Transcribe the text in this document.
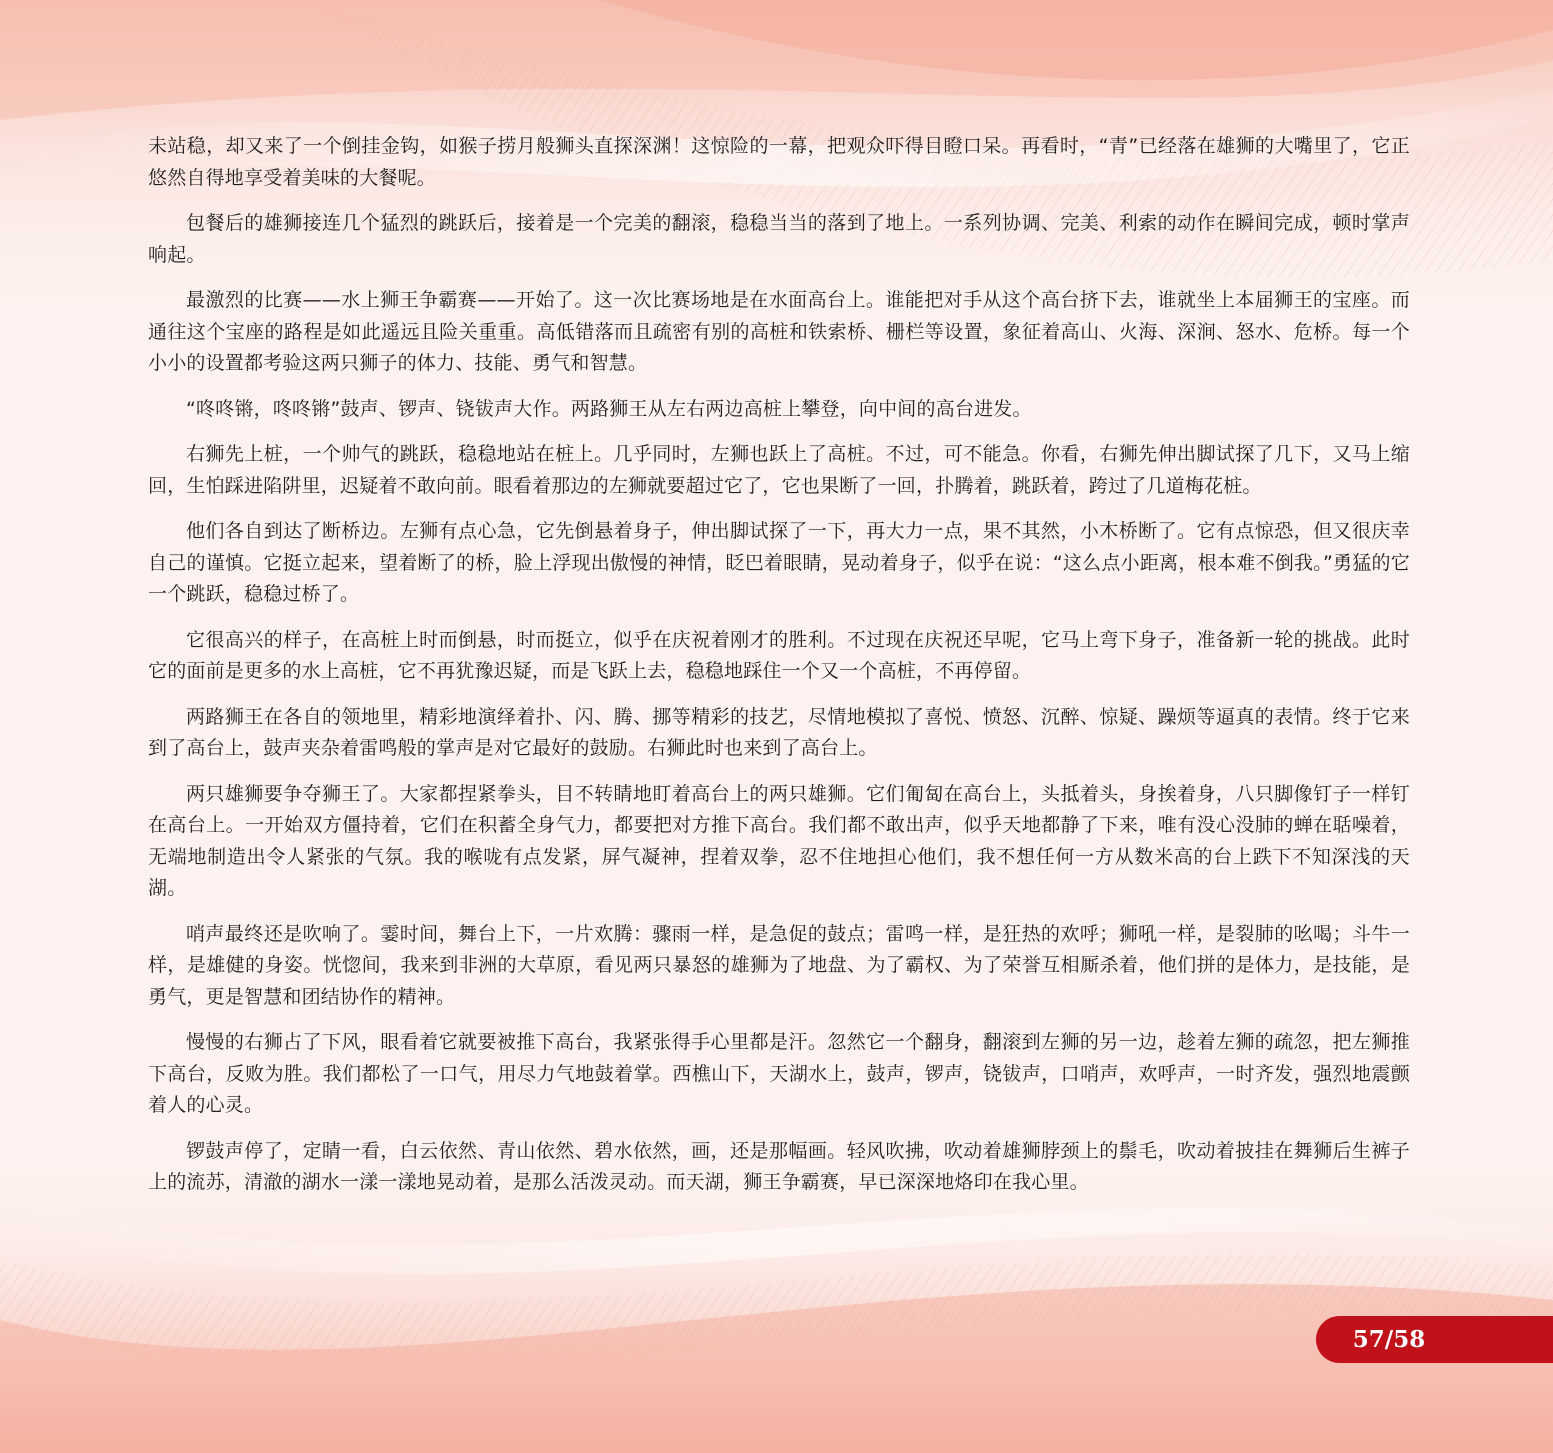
未站稳，却又来了一个倒挂金钩，如猴子捞月般狮头直探深渊！这惊险的一幕，把观众吓得目瞪口呆。再看时，“青”已经落在雄狮的大嘴里了，它正悠然自得地享受着美味的大餐呢。

包餐后的雄狮接连几个猛烈的跳跃后，接着是一个完美的翻滚，稳稳当当的落到了地上。一系列协调、完美、利索的动作在瞬间完成，顿时掌声响起。

最激烈的比赛——水上狮王争霸赛——开始了。这一次比赛场地是在水面高台上。谁能把对手从这个高台挤下去，谁就坐上本届狮王的宝座。而通往这个宝座的路程是如此遥远且险关重重。高低错落而且疏密有别的高桩和铁索桥、栅栏等设置，象征着高山、火海、深涧、怒水、危桥。每一个小小的设置都考验这两只狮子的体力、技能、勇气和智慧。

“咚咚锵，咚咚锵”鼓声、锣声、铙钹声大作。两路狮王从左右两边高桩上攀登，向中间的高台进发。

右狮先上桩，一个帅气的跳跃，稳稳地站在桩上。几乎同时，左狮也跃上了高桩。不过，可不能急。你看，右狮先伸出脚试探了几下，又马上缩回，生怕踩进陷阱里，迟疑着不敢向前。眼看着那边的左狮就要超过它了，它也果断了一回，扑腾着，跳跃着，跨过了几道梅花桩。

他们各自到达了断桥边。左狮有点心急，它先倒悬着身子，伸出脚试探了一下，再大力一点，果不其然，小木桥断了。它有点惊恐，但又很庆幸自己的谨慎。它挺立起来，望着断了的桥，脸上浮现出傲慢的神情，眨巴着眼睛，晃动着身子，似乎在说：“这么点小距离，根本难不倒我。”勇猛的它一个跳跃，稳稳过桥了。

它很高兴的样子，在高桩上时而倒悬，时而挺立，似乎在庆祝着刚才的胜利。不过现在庆祝还早呢，它马上弯下身子，准备新一轮的挑战。此时它的面前是更多的水上高桩，它不再犹豫迟疑，而是飞跃上去，稳稳地踩住一个又一个高桩，不再停留。

两路狮王在各自的领地里，精彩地演绎着扑、闪、腾、挪等精彩的技艺，尽情地模拟了喜悦、愤怒、沉醉、惊疑、躁烦等逼真的表情。终于它来到了高台上，鼓声夹杂着雷鸣般的掌声是对它最好的鼓励。右狮此时也来到了高台上。

两只雄狮要争夺狮王了。大家都捏紧拳头，目不转睛地盯着高台上的两只雄狮。它们匍匐在高台上，头抵着头，身挨着身，八只脚像钉子一样钉在高台上。一开始双方僵持着，它们在积蓄全身气力，都要把对方推下高台。我们都不敢出声，似乎天地都静了下来，唯有没心没肺的蝉在聒噪着，无端地制造出令人紧张的气氛。我的喉咙有点发紧，屏气凝神，捏着双拳，忍不住地担心他们，我不想任何一方从数米高的台上跌下不知深浅的天湖。

哨声最终还是吹响了。霎时间，舞台上下，一片欢腾：骤雨一样，是急促的鼓点；雷鸣一样，是狂热的欢呼；狮吼一样，是裂肺的吆喝；斗牛一样，是雄健的身姿。恍惚间，我来到非洲的大草原，看见两只暴怒的雄狮为了地盘、为了霸权、为了荣誉互相厮杀着，他们拼的是体力，是技能，是勇气，更是智慧和团结协作的精神。

慢慢的右狮占了下风，眼看着它就要被推下高台，我紧张得手心里都是汗。忽然它一个翻身，翻滚到左狮的另一边，趁着左狮的疏忽，把左狮推下高台，反败为胜。我们都松了一口气，用尽力气地鼓着掌。西樵山下，天湖水上，鼓声，锣声，铙钹声，口哨声，欢呼声，一时齐发，强烈地震颤着人的心灵。

锣鼓声停了，定睛一看，白云依然、青山依然、碧水依然，画，还是那幅画。轻风吹拂，吹动着雄狮脖颈上的鬃毛，吹动着披挂在舞狮后生裤子上的流苏，清澈的湖水一漾一漾地晃动着，是那么活泼灵动。而天湖，狮王争霸赛，早已深深地烙印在我心里。

57/58
